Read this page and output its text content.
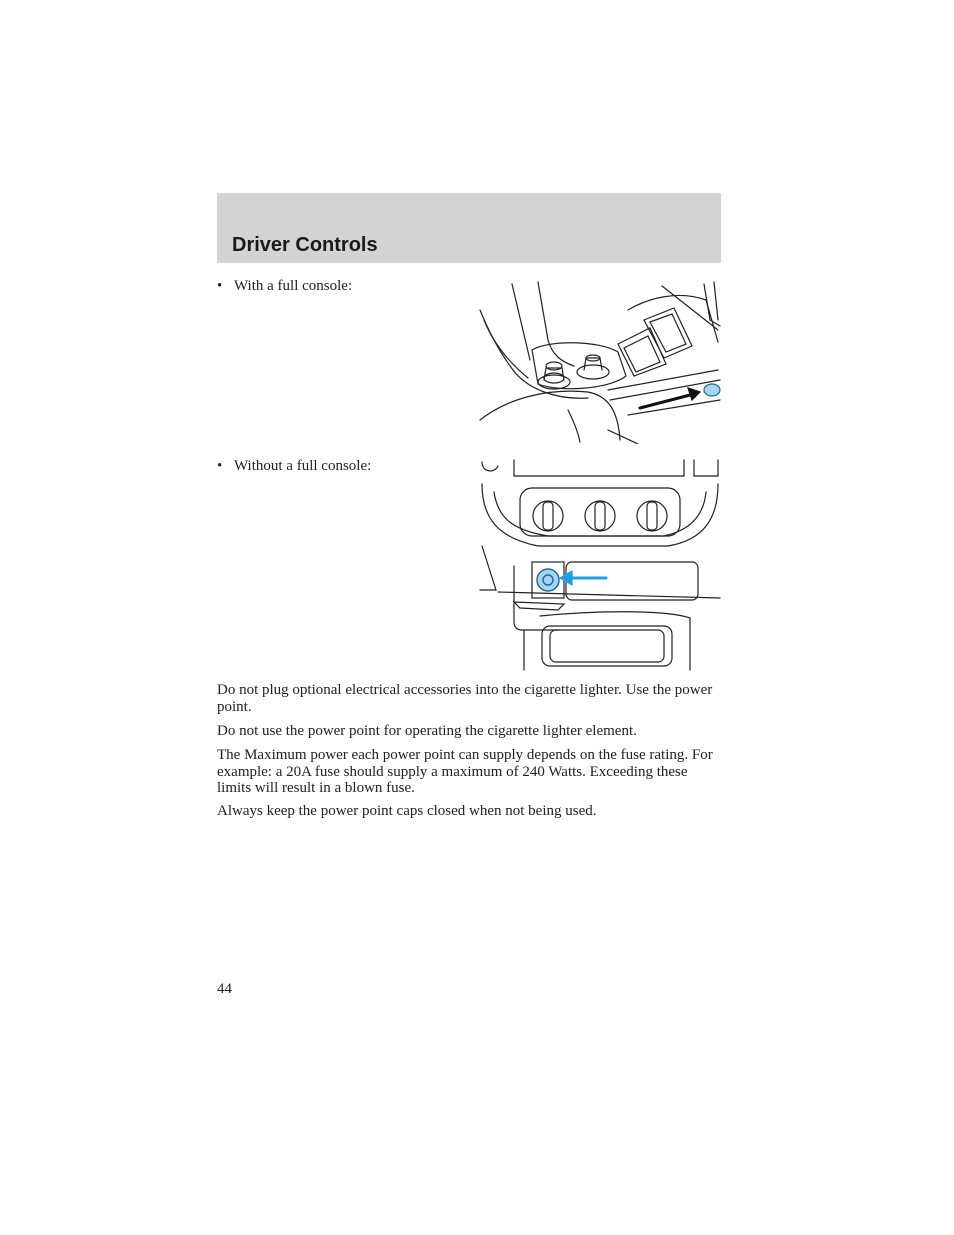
Driver Controls
• With a full console:
• Without a full console:

Do not plug optional electrical accessories into the cigarette lighter. Use the power point.

Do not use the power point for operating the cigarette lighter element.

The Maximum power each power point can supply depends on the fuse rating. For example: a 20A fuse should supply a maximum of 240 Watts. Exceeding these limits will result in a blown fuse.

Always keep the power point caps closed when not being used.

44
